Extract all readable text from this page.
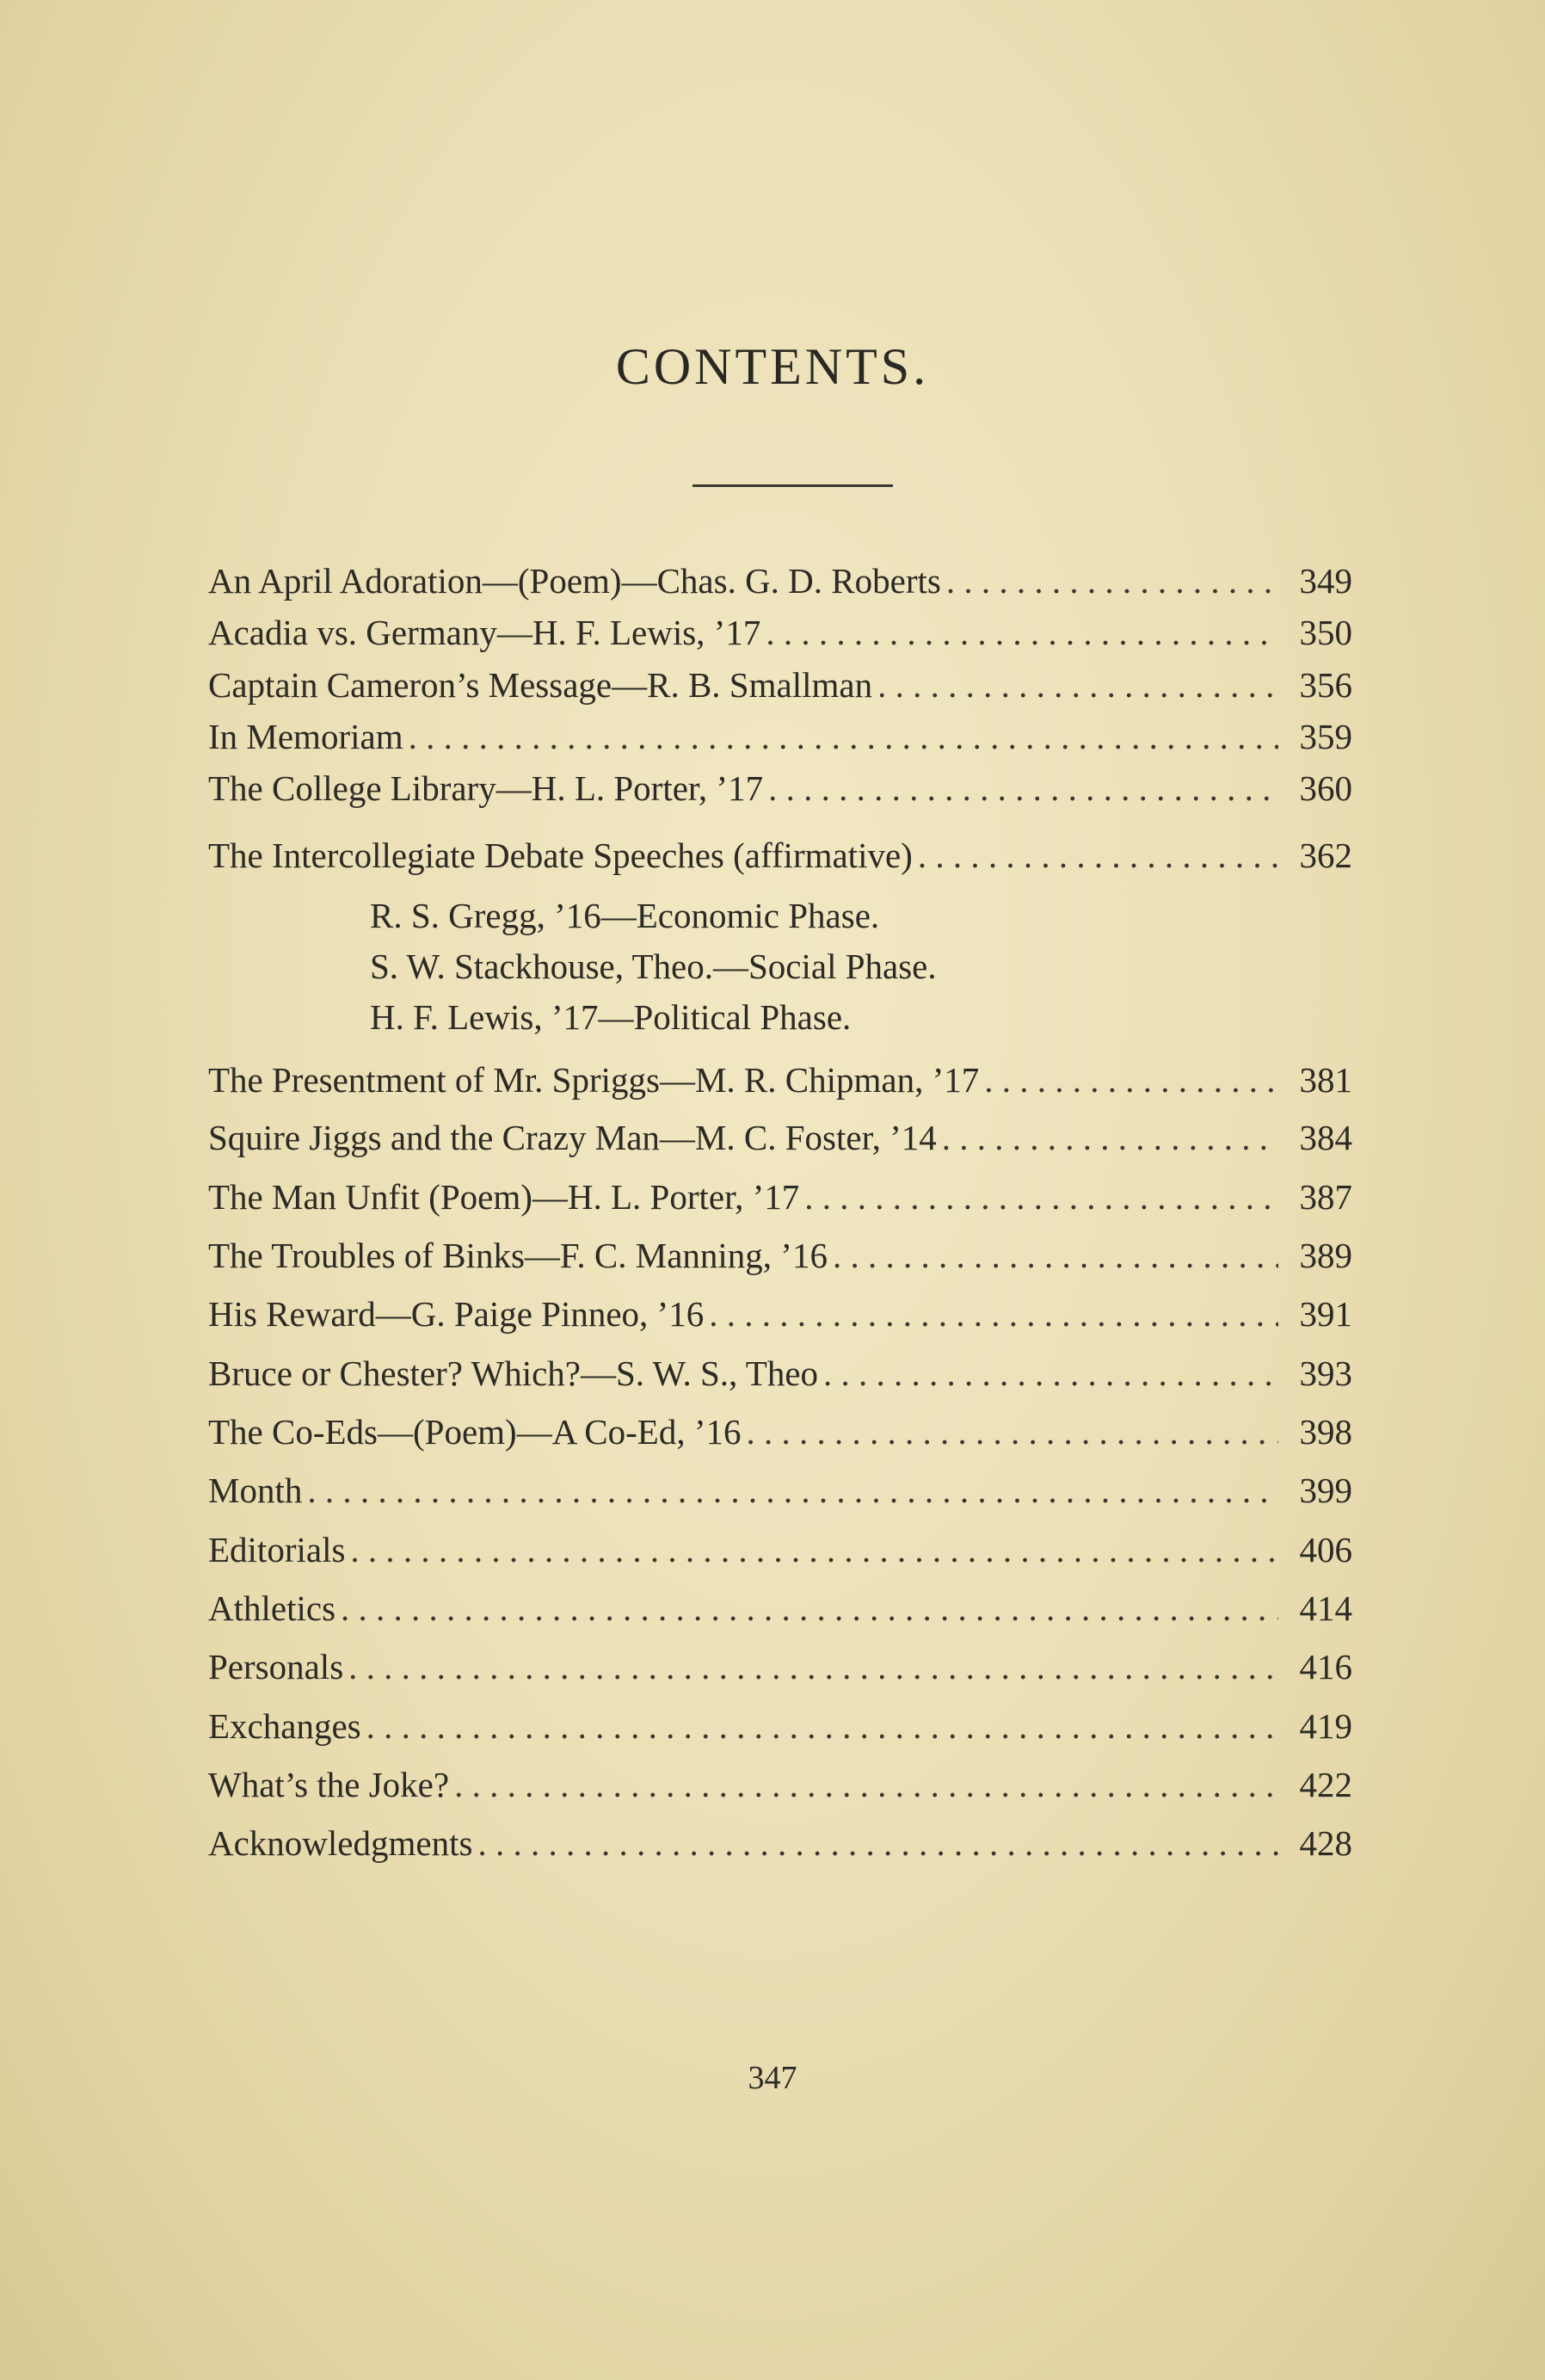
CONTENTS.
An April Adoration—(Poem)—Chas. G. D. Roberts . . .	349
Acadia vs. Germany—H. F. Lewis, ’17 . . .	350
Captain Cameron’s Message—R. B. Smallman . . .	356
In Memoriam . . .	359
The College Library—H. L. Porter, ’17 . . .	360
The Intercollegiate Debate Speeches (affirmative) . . .	362
R. S. Gregg, ’16—Economic Phase.
S. W. Stackhouse, Theo.—Social Phase.
H. F. Lewis, ’17—Political Phase.
The Presentment of Mr. Spriggs—M. R. Chipman, ’17 . . .	381
Squire Jiggs and the Crazy Man—M. C. Foster, ’14 . . .	384
The Man Unfit (Poem)—H. L. Porter, ’17 . . .	387
The Troubles of Binks—F. C. Manning, ’16 . . .	389
His Reward—G. Paige Pinneo, ’16 . . .	391
Bruce or Chester? Which?—S. W. S., Theo . . .	393
The Co-Eds—(Poem)—A Co-Ed, ’16 . . .	398
Month . . .	399
Editorials . . .	406
Athletics . . .	414
Personals . . .	416
Exchanges . . .	419
What’s the Joke? . . .	422
Acknowledgments . . .	428
347
